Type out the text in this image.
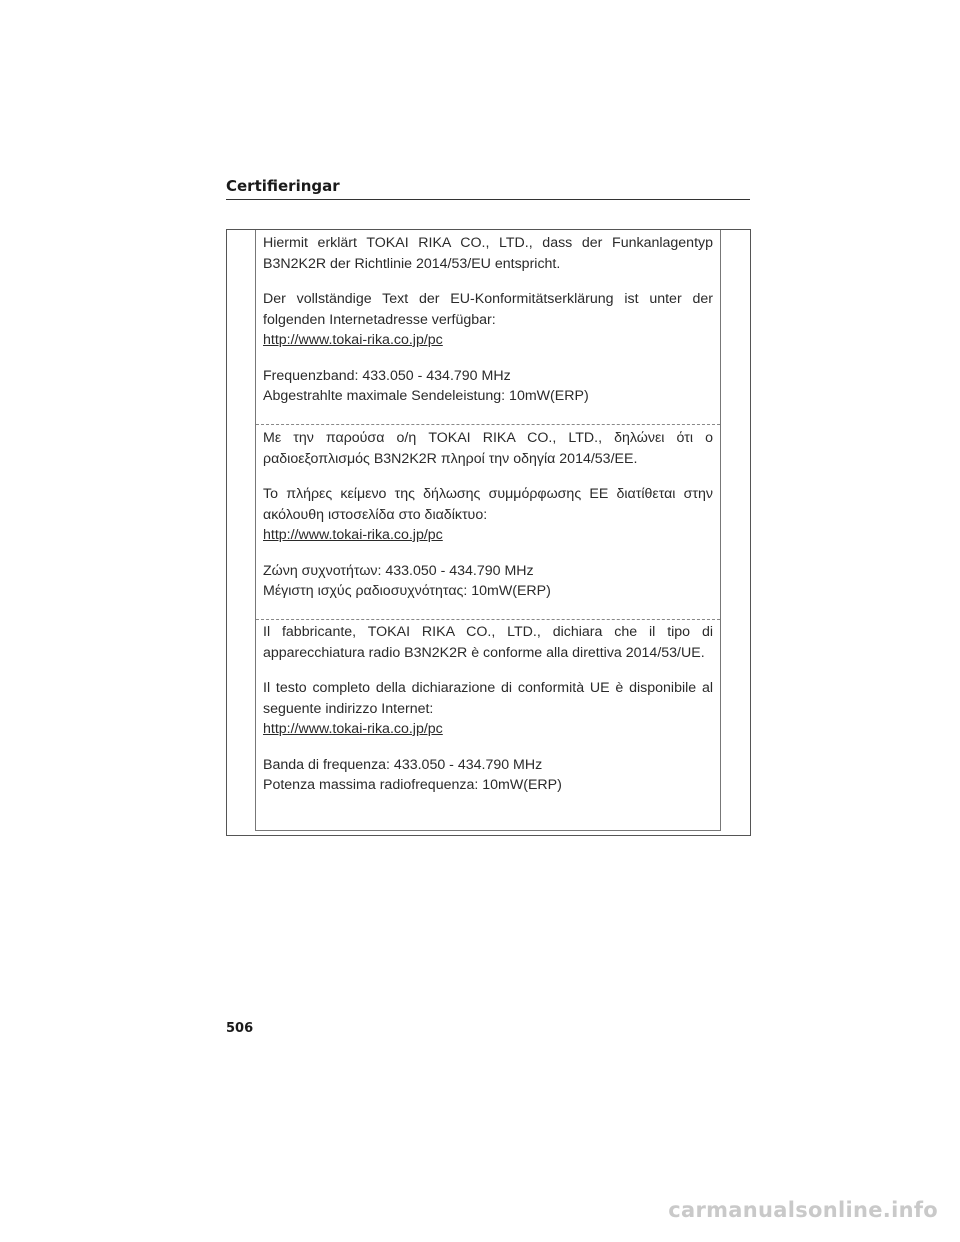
Certifieringar

Hiermit erklärt TOKAI RIKA CO., LTD., dass der Funkanlagentyp B3N2K2R der Richtlinie 2014/53/EU entspricht.

Der vollständige Text der EU-Konformitätserklärung ist unter der folgenden Internetadresse verfügbar:
http://www.tokai-rika.co.jp/pc

Frequenzband: 433.050 - 434.790 MHz
Abgestrahlte maximale Sendeleistung: 10mW(ERP)

Με την παρούσα ο/η TOKAI RIKA CO., LTD., δηλώνει ότι ο ραδιοεξοπλισμός B3N2K2R πληροί την οδηγία 2014/53/ΕΕ.

Το πλήρες κείμενο της δήλωσης συμμόρφωσης ΕΕ διατίθεται στην ακόλουθη ιστοσελίδα στο διαδίκτυο:
http://www.tokai-rika.co.jp/pc

Ζώνη συχνοτήτων: 433.050 - 434.790 MHz
Μέγιστη ισχύς ραδιοσυχνότητας: 10mW(ERP)

Il fabbricante, TOKAI RIKA CO., LTD., dichiara che il tipo di apparecchiatura radio B3N2K2R è conforme alla direttiva 2014/53/UE.

Il testo completo della dichiarazione di conformità UE è disponibile al seguente indirizzo Internet:
http://www.tokai-rika.co.jp/pc

Banda di frequenza: 433.050 - 434.790 MHz
Potenza massima radiofrequenza: 10mW(ERP)

506
carmanualsonline.info
